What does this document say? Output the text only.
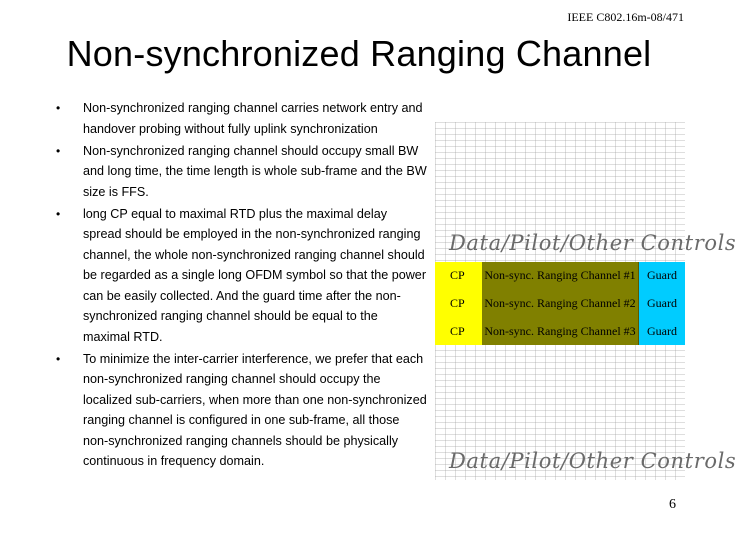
IEEE C802.16m-08/471
Non-synchronized Ranging Channel
• Non-synchronized ranging channel carries network entry and handover probing without fully uplink synchronization
• Non-synchronized ranging channel should occupy small BW and long time, the time length is whole sub-frame and the BW size is FFS.
• long CP equal to maximal RTD plus the maximal delay spread should be employed in the non-synchronized ranging channel, the whole non-synchronized ranging channel should be regarded as a single long OFDM symbol so that the power can be easily collected. And the guard time after the non-synchronized ranging channel should be equal to the maximal RTD.
• To minimize the inter-carrier interference, we prefer that each non-synchronized ranging channel should occupy the localized sub-carriers, when more than one non-synchronized ranging channel is configured in one sub-frame, all those non-synchronized ranging channels should be physically continuous in frequency domain.
Data/Pilot/Other Controls
CP	Non-sync. Ranging Channel #1 Guard
CP	Non-sync. Ranging Channel #2 Guard
CP	Non-sync. Ranging Channel #3 Guard
Data/Pilot/Other Controls
6
